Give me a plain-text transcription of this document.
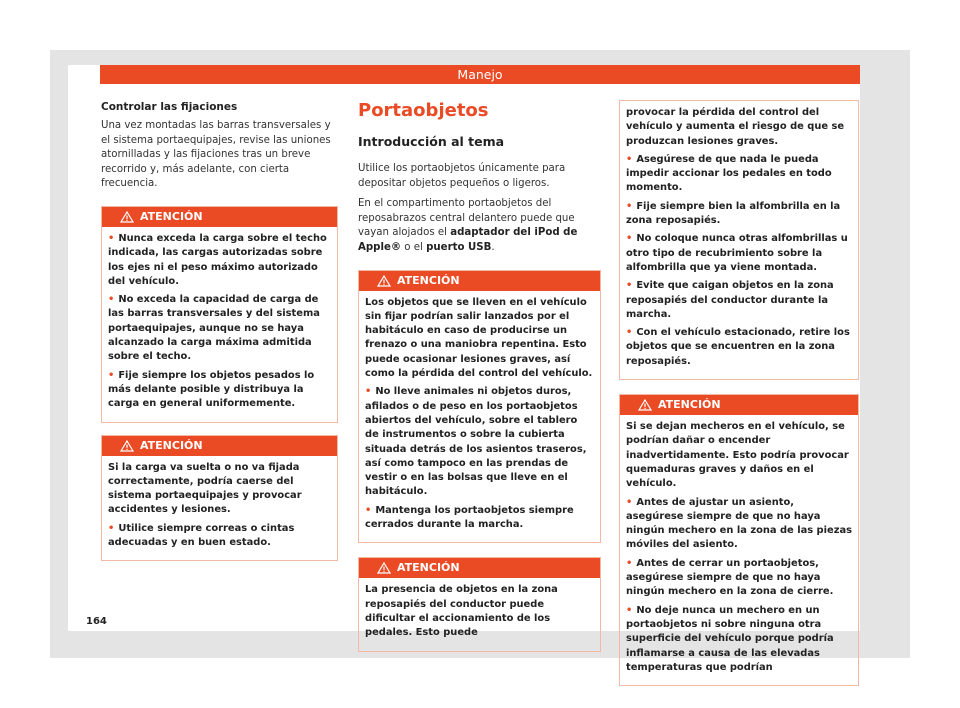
Manejo
Controlar las fijaciones

Una vez montadas las barras transversales y el sistema portaequipajes, revise las uniones atornilladas y las fijaciones tras un breve recorrido y, más adelante, con cierta frecuencia.

ATENCIÓN

• Nunca exceda la carga sobre el techo indicada, las cargas autorizadas sobre los ejes ni el peso máximo autorizado del vehículo.

• No exceda la capacidad de carga de las barras transversales y del sistema portaequipajes, aunque no se haya alcanzado la carga máxima admitida sobre el techo.

• Fije siempre los objetos pesados lo más delante posible y distribuya la carga en general uniformemente.

ATENCIÓN

Si la carga va suelta o no va fijada correctamente, podría caerse del sistema portaequipajes y provocar accidentes y lesiones.

• Utilice siempre correas o cintas adecuadas y en buen estado.

Portaobjetos
Introducción al tema

Utilice los portaobjetos únicamente para depositar objetos pequeños o ligeros.

En el compartimento portaobjetos del reposabrazos central delantero puede que vayan alojados el adaptador del iPod de Apple® o el puerto USB.

ATENCIÓN

Los objetos que se lleven en el vehículo sin fijar podrían salir lanzados por el habitáculo en caso de producirse un frenazo o una maniobra repentina. Esto puede ocasionar lesiones graves, así como la pérdida del control del vehículo.

• No lleve animales ni objetos duros, afilados o de peso en los portaobjetos abiertos del vehículo, sobre el tablero de instrumentos o sobre la cubierta situada detrás de los asientos traseros, así como tampoco en las prendas de vestir o en las bolsas que lleve en el habitáculo.

• Mantenga los portaobjetos siempre cerrados durante la marcha.

ATENCIÓN

La presencia de objetos en la zona reposapiés del conductor puede dificultar el accionamiento de los pedales. Esto puede

provocar la pérdida del control del vehículo y aumenta el riesgo de que se produzcan lesiones graves.

• Asegúrese de que nada le pueda impedir accionar los pedales en todo momento.

• Fije siempre bien la alfombrilla en la zona reposapiés.

• No coloque nunca otras alfombrillas u otro tipo de recubrimiento sobre la alfombrilla que ya viene montada.

• Evite que caigan objetos en la zona reposapiés del conductor durante la marcha.

• Con el vehículo estacionado, retire los objetos que se encuentren en la zona reposapiés.

ATENCIÓN

Si se dejan mecheros en el vehículo, se podrían dañar o encender inadvertidamente. Esto podría provocar quemaduras graves y daños en el vehículo.

• Antes de ajustar un asiento, asegúrese siempre de que no haya ningún mechero en la zona de las piezas móviles del asiento.

• Antes de cerrar un portaobjetos, asegúrese siempre de que no haya ningún mechero en la zona de cierre.

• No deje nunca un mechero en un portaobjetos ni sobre ninguna otra superficie del vehículo porque podría inflamarse a causa de las elevadas temperaturas que podrían

164
